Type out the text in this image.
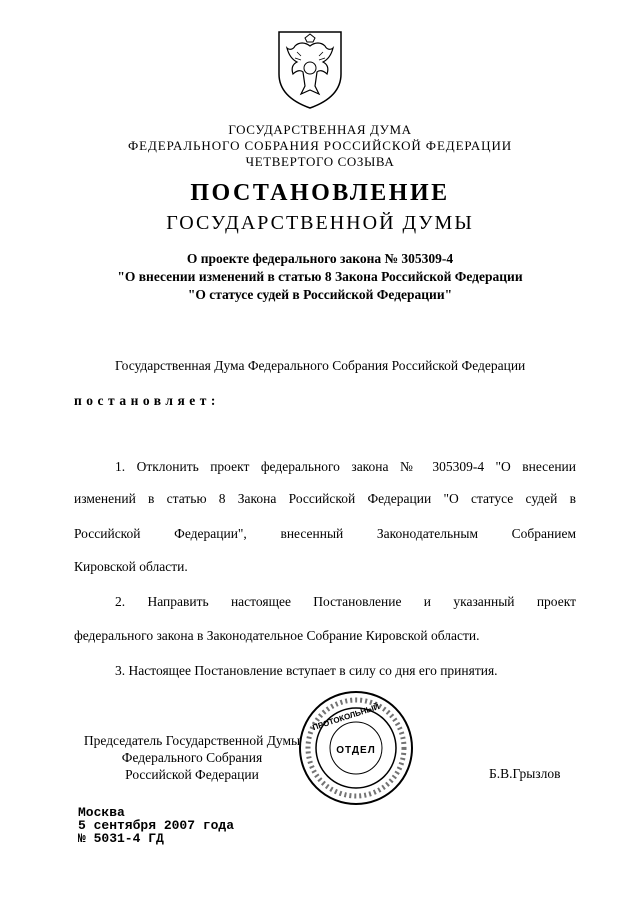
ГОСУДАРСТВЕННАЯ ДУМА
ФЕДЕРАЛЬНОГО СОБРАНИЯ РОССИЙСКОЙ ФЕДЕРАЦИИ
ЧЕТВЕРТОГО СОЗЫВА
ПОСТАНОВЛЕНИЕ
ГОСУДАРСТВЕННОЙ ДУМЫ
О проекте федерального закона № 305309-4
"О внесении изменений в статью 8 Закона Российской Федерации
"О статусе судей в Российской Федерации"
Государственная Дума Федерального Собрания Российской Федерации
постановляет:
1. Отклонить проект федерального закона № 305309-4 "О внесении
изменений в статью 8 Закона Российской Федерации "О статусе судей в
Российской Федерации", внесенный Законодательным Собранием
Кировской области.
2. Направить настоящее Постановление и указанный проект
федерального закона в Законодательное Собрание Кировской области.
3. Настоящее Постановление вступает в силу со дня его принятия.
Председатель Государственной Думы
Федерального Собрания
Российской Федерации	Б.В.Грызлов
ОТДЕЛ
ПРОТОКОЛЬНЫЙ
Москва
5 сентября 2007 года
№ 5031-4 ГД
